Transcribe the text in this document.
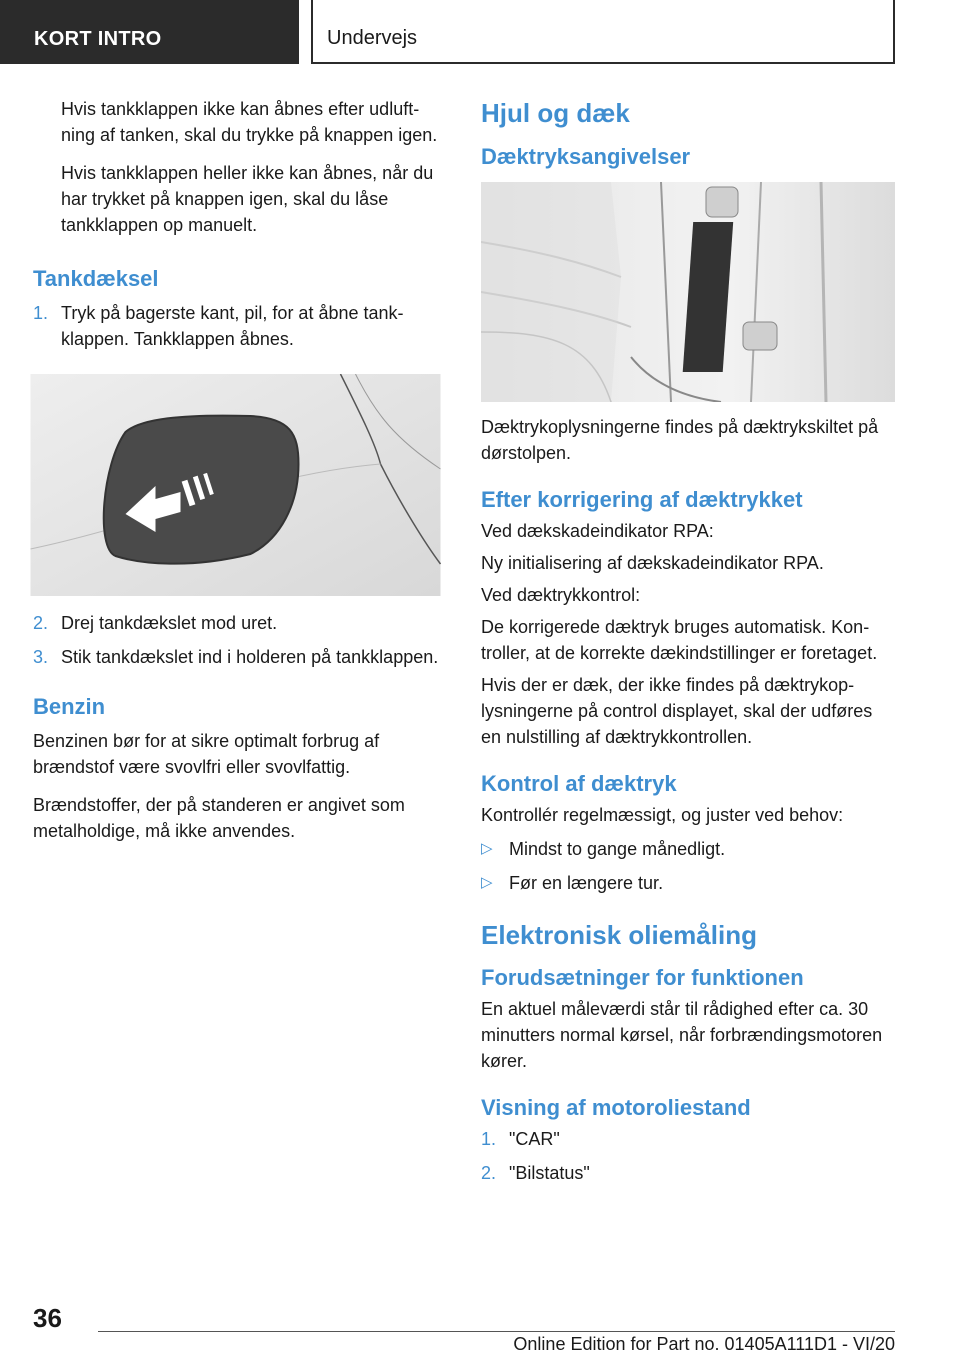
KORT INTRO	Undervejs

Hvis tankklappen ikke kan åbnes efter udluftning af tanken, skal du trykke på knappen igen.

Hvis tankklappen heller ikke kan åbnes, når du har trykket på knappen igen, skal du låse tankklappen op manuelt.

Tankdæksel
1. Tryk på bagerste kant, pil, for at åbne tankklappen. Tankklappen åbnes.
2. Drej tankdækslet mod uret.
3. Stik tankdækslet ind i holderen på tankklappen.
Benzin

Benzinen bør for at sikre optimalt forbrug af brændstof være svovlfri eller svovlfattig.

Brændstoffer, der på standeren er angivet som metalholdige, må ikke anvendes.

Hjul og dæk
Dæktryksangivelser

Dæktrykoplysningerne findes på dæktrykskiltet på dørstolpen.

Efter korrigering af dæktrykket

Ved dækskadeindikator RPA:

Ny initialisering af dækskadeindikator RPA.

Ved dæktrykkontrol:

De korrigerede dæktryk bruges automatisk. Kontroller, at de korrekte dækindstillinger er foretaget.

Hvis der er dæk, der ikke findes på dæktrykoplysningerne på control displayet, skal der udføres en nulstilling af dæktrykkontrollen.

Kontrol af dæktryk

Kontrollér regelmæssigt, og juster ved behov:

▷ Mindst to gange månedligt.
▷ Før en længere tur.
Elektronisk oliemåling
Forudsætninger for funktionen

En aktuel måleværdi står til rådighed efter ca. 30 minutters normal kørsel, når forbrændingsmotoren kører.

Visning af motoroliestand
1. "CAR"
2. "Bilstatus"
36
Online Edition for Part no. 01405A111D1 - VI/20
